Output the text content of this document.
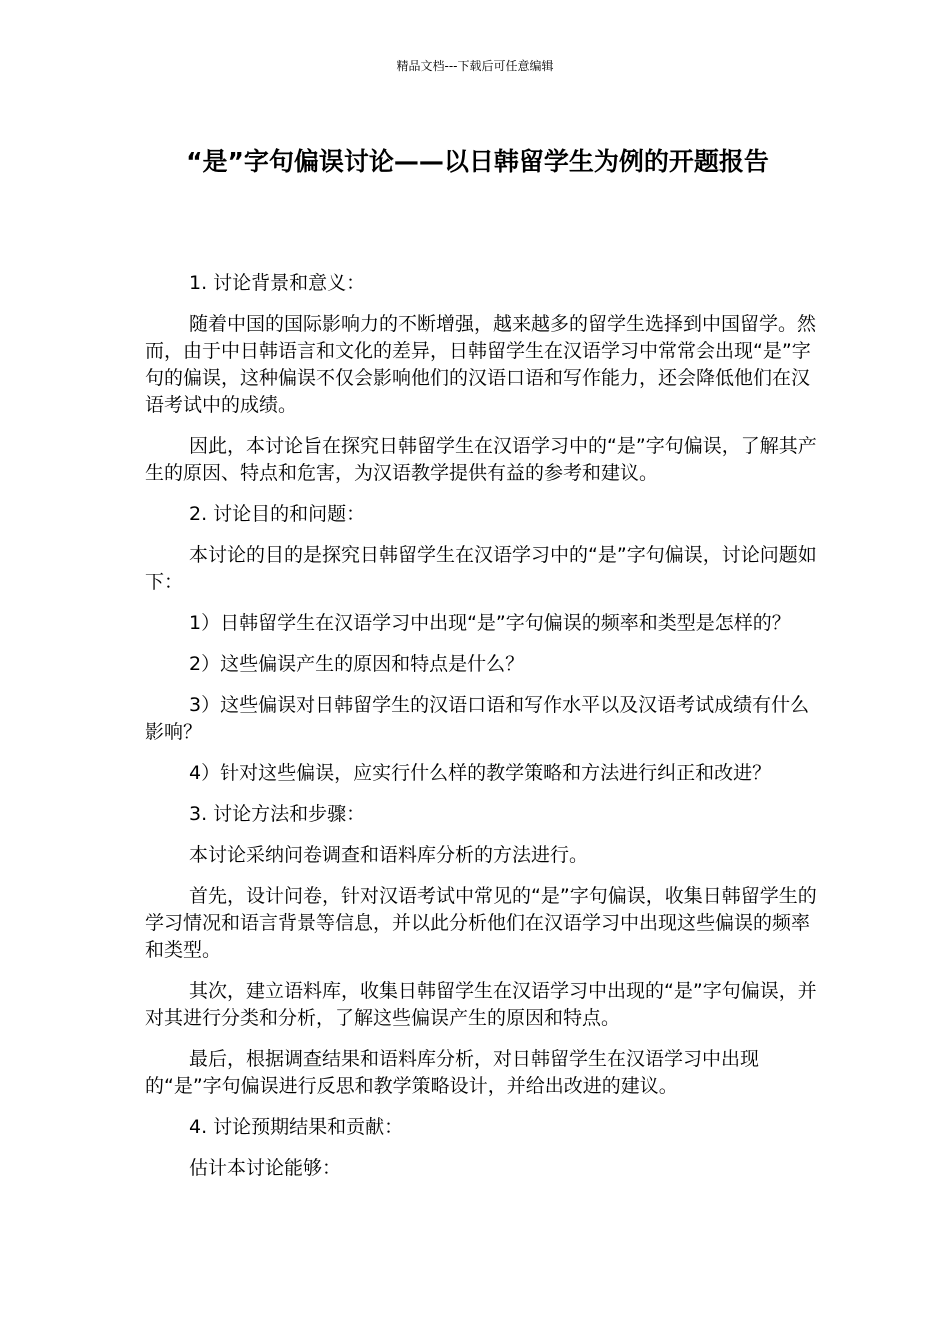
精品文档---下载后可任意编辑
“是”字句偏误讨论——以日韩留学生为例的开题报告

1. 讨论背景和意义：

随着中国的国际影响力的不断增强，越来越多的留学生选择到中国留学。然而，由于中日韩语言和文化的差异，日韩留学生在汉语学习中常常会出现“是”字句的偏误，这种偏误不仅会影响他们的汉语口语和写作能力，还会降低他们在汉语考试中的成绩。

因此，本讨论旨在探究日韩留学生在汉语学习中的“是”字句偏误，了解其产生的原因、特点和危害，为汉语教学提供有益的参考和建议。

2. 讨论目的和问题：

本讨论的目的是探究日韩留学生在汉语学习中的“是”字句偏误，讨论问题如下：

1）日韩留学生在汉语学习中出现“是”字句偏误的频率和类型是怎样的？

2）这些偏误产生的原因和特点是什么？

3）这些偏误对日韩留学生的汉语口语和写作水平以及汉语考试成绩有什么影响？

4）针对这些偏误，应实行什么样的教学策略和方法进行纠正和改进？

3. 讨论方法和步骤：

本讨论采纳问卷调查和语料库分析的方法进行。

首先，设计问卷，针对汉语考试中常见的“是”字句偏误，收集日韩留学生的学习情况和语言背景等信息，并以此分析他们在汉语学习中出现这些偏误的频率和类型。

其次，建立语料库，收集日韩留学生在汉语学习中出现的“是”字句偏误，并对其进行分类和分析，了解这些偏误产生的原因和特点。

最后，根据调查结果和语料库分析，对日韩留学生在汉语学习中出现的“是”字句偏误进行反思和教学策略设计，并给出改进的建议。

4. 讨论预期结果和贡献：

估计本讨论能够：
